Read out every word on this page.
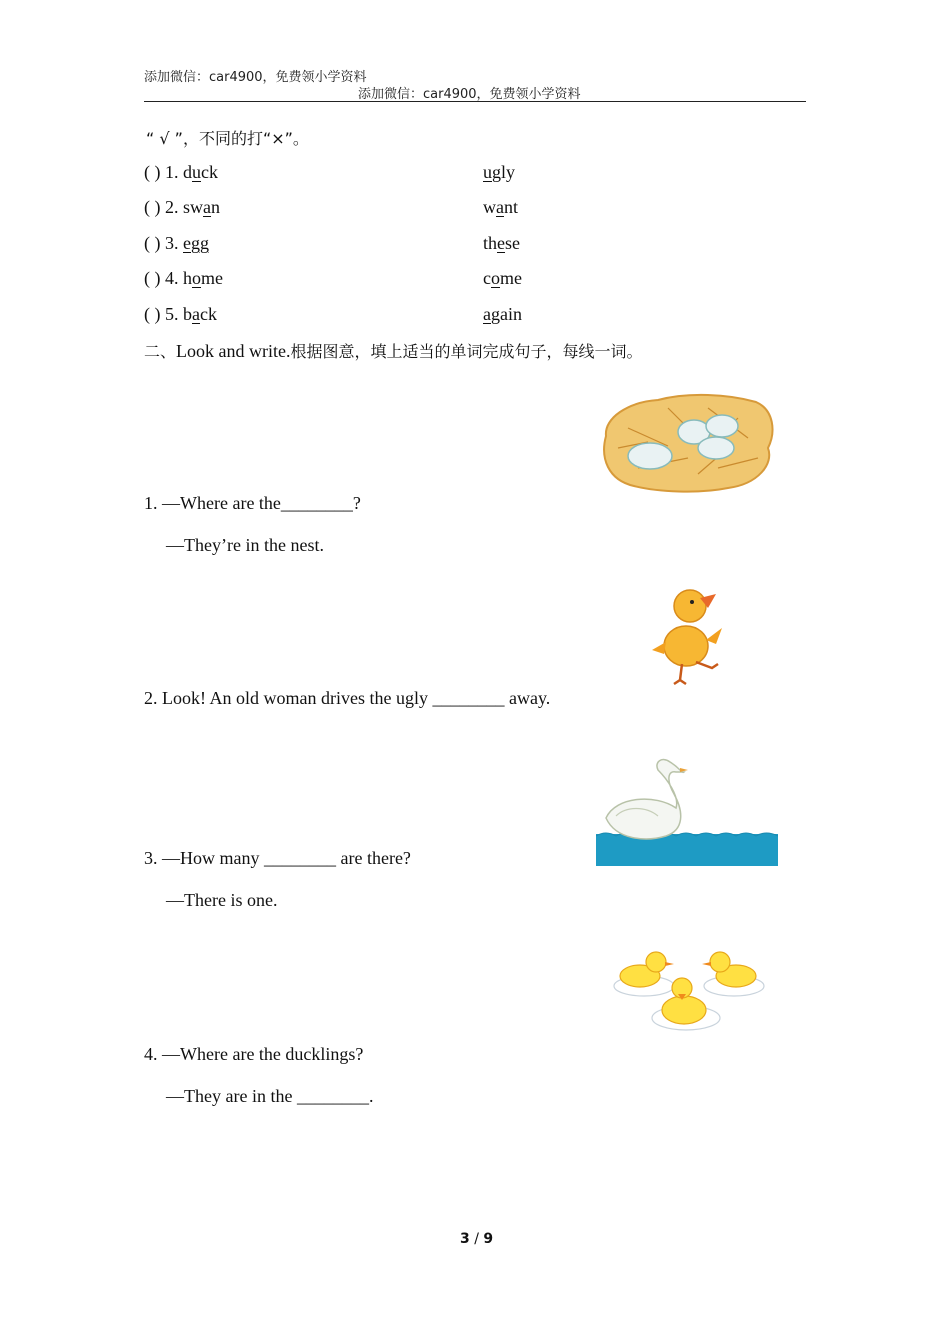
添加微信：car4900，免费领小学资料
添加微信：car4900，免费领小学资料
“ √ ”，不同的打“×”。
( ) 1. duck	ugly
( ) 2. swan	want
( ) 3. egg	these
( ) 4. home	come
( ) 5. back	again
二、Look and write.根据图意，填上适当的单词完成句子，每线一词。
1. —Where are the________?
—They’re in the nest.
2. Look! An old woman drives the ugly ________ away.
3. —How many ________ are there?
—There is one.
4. —Where are the ducklings?
—They are in the ________.
3 / 9
